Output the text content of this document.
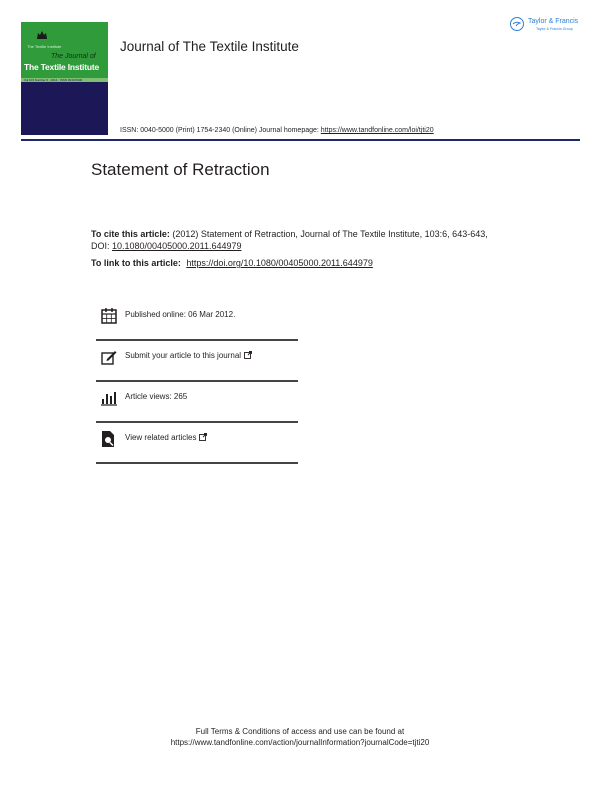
The Textile Institute
The Journal of
The Textile Institute
Vol 103 Number 6 · 2012 · ISSN 0040-5000
Journal of The Textile Institute
ISSN: 0040-5000 (Print) 1754-2340 (Online) Journal homepage: https://www.tandfonline.com/loi/tjti20
Taylor & Francis
Taylor & Francis Group
Statement of Retraction
To cite this article: (2012) Statement of Retraction, Journal of The Textile Institute, 103:6, 643-643, DOI: 10.1080/00405000.2011.644979
To link to this article: https://doi.org/10.1080/00405000.2011.644979
Published online: 06 Mar 2012.
Submit your article to this journal
Article views: 265
View related articles
Full Terms & Conditions of access and use can be found at
https://www.tandfonline.com/action/journalInformation?journalCode=tjti20
